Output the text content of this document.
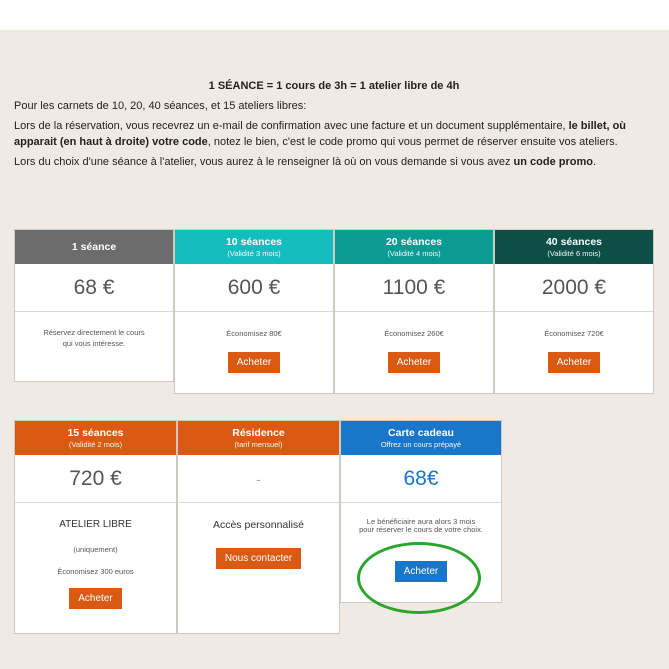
1 SÉANCE = 1 cours de 3h = 1 atelier libre de 4h

Pour les carnets de 10, 20, 40 séances, et 15 ateliers libres:

Lors de la réservation, vous recevrez un e-mail de confirmation avec une facture et un document supplémentaire, le billet, où apparait (en haut à droite) votre code, notez le bien, c'est le code promo qui vous permet de réserver ensuite vos ateliers.

Lors du choix d'une séance à l'atelier, vous aurez à le renseigner là où on vous demande si vous avez un code promo.

1 séance
68 €
Réservez directement le cours qui vous intéresse.
10 séances
(Validité 3 mois)
600 €
Économisez 80€
Acheter
20 séances
(Validité 4 mois)
1100 €
Économisez 260€
Acheter
40 séances
(Validité 6 mois)
2000 €
Économisez 720€
Acheter
15 séances
(Validité 2 mois)
720 €
ATELIER LIBRE
(uniquement)
Économisez 300 euros
Acheter
Résidence
(tarif mensuel)
-
Accès personnalisé
Nous contacter
Carte cadeau
Offrez un cours prépayé
68€
Le bénéficiaire aura alors 3 mois pour réserver le cours de votre choix.
Acheter
